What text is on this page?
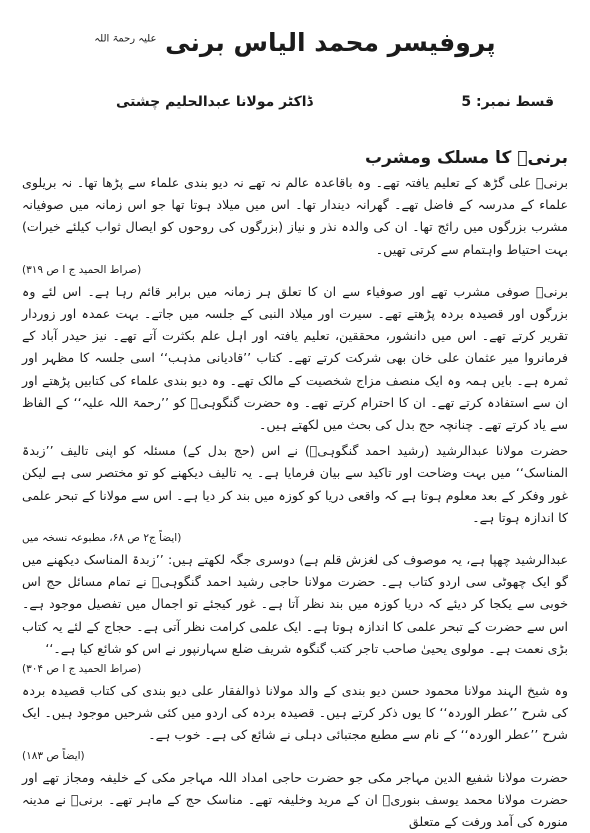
پروفیسر محمد الیاس برنی $^{علیہ رحمۃ اللہ}$
قسط نمبر: 5
ڈاکٹر مولانا عبدالحلیم چشتی
برنیؒ کا مسلک ومشرب

برنیؒ علی گڑھ کے تعلیم یافتہ تھے۔ وہ باقاعدہ عالم نہ تھے نہ دیو بندی علماء سے پڑھا تھا۔ نہ بریلوی علماء کے مدرسہ کے فاضل تھے۔ گھرانہ دیندار تھا۔ اس میں میلاد ہوتا تھا جو اس زمانہ میں صوفیانہ مشرب بزرگوں میں رائج تھا۔ ان کی والدہ نذر و نیاز (بزرگوں کی روحوں کو ایصال ثواب کیلئے خیرات) بہت احتیاط واہتمام سے کرتی تھیں۔

(صراط الحمید ج ا ص ۳۱۹)

برنیؒ صوفی مشرب تھے اور صوفیاء سے ان کا تعلق ہر زمانہ میں برابر قائم رہا ہے۔ اس لئے وہ بزرگوں اور قصیدہ بردہ پڑھتے تھے۔ سیرت اور میلاد النبی کے جلسہ میں جاتے۔ بہت عمدہ اور زوردار تقریر کرتے تھے۔ اس میں دانشور، محققین، تعلیم یافتہ اور اہل علم بکثرت آتے تھے۔ نیز حیدر آباد کے فرمانروا میر عثمان علی خان بھی شرکت کرتے تھے۔ کتاب ’’قادیانی مذہب‘‘ اسی جلسہ کا مظہر اور ثمرہ ہے۔ بایں ہمہ وہ ایک منصف مزاج شخصیت کے مالک تھے۔ وہ دیو بندی علماء کی کتابیں پڑھتے اور ان سے استفادہ کرتے تھے۔ ان کا احترام کرتے تھے۔ وہ حضرت گنگوہیؒ کو ’’رحمۃ اللہ علیہ‘‘ کے الفاظ سے یاد کرتے تھے۔ چنانچہ حج بدل کی بحث میں لکھتے ہیں۔

حضرت مولانا عبدالرشید (رشید احمد گنگوہیؒ) نے اس (حج بدل کے) مسئلہ کو اپنی تالیف ’’زبدۃ المناسک‘‘ میں بہت وضاحت اور تاکید سے بیان فرمایا ہے۔ یہ تالیف دیکھنے کو تو مختصر سی ہے لیکن غور وفکر کے بعد معلوم ہوتا ہے کہ واقعی دریا کو کوزہ میں بند کر دیا ہے۔ اس سے مولانا کے تبحر علمی کا اندازہ ہوتا ہے۔

(ایضاً ج۲ ص ۶۸، مطبوعہ نسخہ میں

عبدالرشید چھپا ہے، یہ موصوف کی لغزش قلم ہے) دوسری جگہ لکھتے ہیں: ’’زبدۃ المناسک دیکھنے میں گو ایک چھوٹی سی اردو کتاب ہے۔ حضرت مولانا حاجی رشید احمد گنگوہیؒ نے تمام مسائل حج اس خوبی سے یکجا کر دیئے کہ دریا کوزہ میں بند نظر آتا ہے۔ غور کیجئے تو اجمال میں تفصیل موجود ہے۔ اس سے حضرت کے تبحر علمی کا اندازہ ہوتا ہے۔ ایک علمی کرامت نظر آتی ہے۔ حجاج کے لئے یہ کتاب بڑی نعمت ہے۔ مولوی یحییٰ صاحب تاجر کتب گنگوہ شریف ضلع سہارنپور نے اس کو شائع کیا ہے۔‘‘

(صراط الحمید ج ا ص ۳۰۴)

وہ شیخ الہند مولانا محمود حسن دیو بندی کے والد مولانا ذوالفقار علی دیو بندی کی کتاب قصیدہ بردہ کی شرح ’’عطر الوردہ‘‘ کا یوں ذکر کرتے ہیں۔ قصیدہ بردہ کی اردو میں کئی شرحیں موجود ہیں۔ ایک شرح ’’عطر الوردہ‘‘ کے نام سے مطبع مجتبائی دہلی نے شائع کی ہے۔ خوب ہے۔

(ایضاً ص ۱۸۳)

حضرت مولانا شفیع الدین مہاجر مکی جو حضرت حاجی امداد اللہ مہاجر مکی کے خلیفہ ومجاز تھے اور حضرت مولانا محمد یوسف بنوریؒ ان کے مرید وخلیفہ تھے۔ مناسک حج کے ماہر تھے۔ برنیؒ نے مدینہ منورہ کی آمد ورفت کے متعلق
